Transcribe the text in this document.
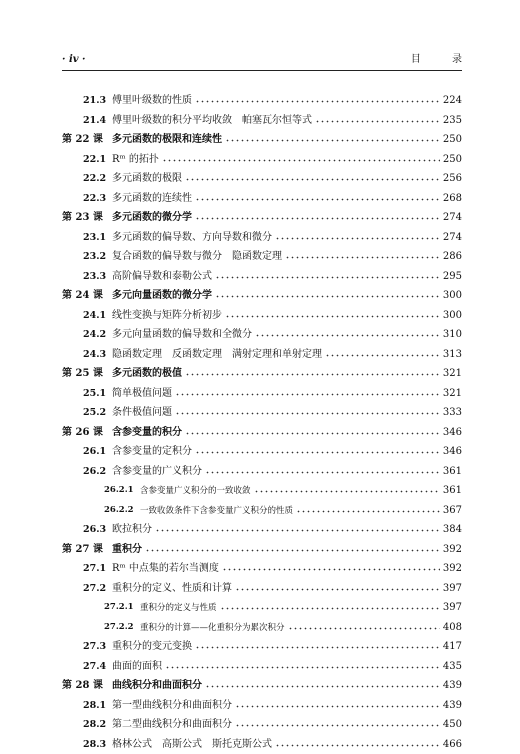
· iv ·	目 录
21.3 傅里叶级数的性质	224
21.4 傅里叶级数的积分平均收敛　帕塞瓦尔恒等式	235
第 22 课 多元函数的极限和连续性	250
22.1 Rᵐ 的拓扑	250
22.2 多元函数的极限	256
22.3 多元函数的连续性	268
第 23 课 多元函数的微分学	274
23.1 多元函数的偏导数、方向导数和微分	274
23.2 复合函数的偏导数与微分　隐函数定理	286
23.3 高阶偏导数和泰勒公式	295
第 24 课 多元向量函数的微分学	300
24.1 线性变换与矩阵分析初步	300
24.2 多元向量函数的偏导数和全微分	310
24.3 隐函数定理　反函数定理　满射定理和单射定理	313
第 25 课 多元函数的极值	321
25.1 简单极值问题	321
25.2 条件极值问题	333
第 26 课 含参变量的积分	346
26.1 含参变量的定积分	346
26.2 含参变量的广义积分	361
26.2.1 含参变量广义积分的一致收敛	361
26.2.2 一致收敛条件下含参变量广义积分的性质	367
26.3 欧拉积分	384
第 27 课 重积分	392
27.1 Rᵐ 中点集的若尔当测度	392
27.2 重积分的定义、性质和计算	397
27.2.1 重积分的定义与性质	397
27.2.2 重积分的计算——化重积分为累次积分	408
27.3 重积分的变元变换	417
27.4 曲面的面积	435
第 28 课 曲线积分和曲面积分	439
28.1 第一型曲线积分和曲面积分	439
28.2 第二型曲线积分和曲面积分	450
28.3 格林公式　高斯公式　斯托克斯公式	466
